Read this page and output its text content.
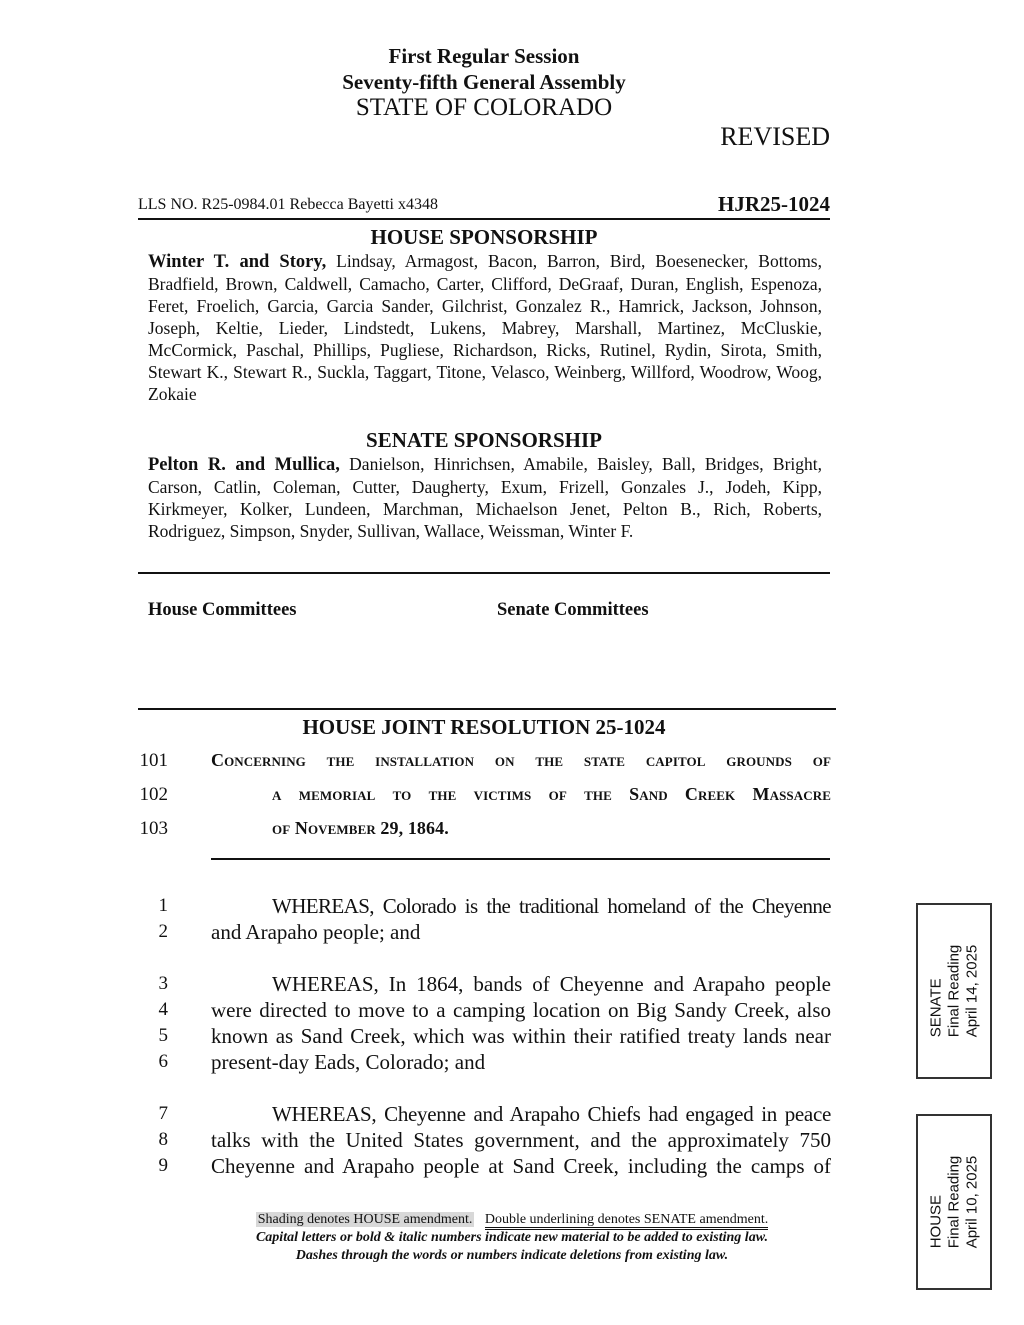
First Regular Session
Seventy-fifth General Assembly
STATE OF COLORADO
REVISED
LLS NO. R25-0984.01 Rebecca Bayetti x4348	HJR25-1024
HOUSE SPONSORSHIP
Winter T. and Story, Lindsay, Armagost, Bacon, Barron, Bird, Boesenecker, Bottoms, Bradfield, Brown, Caldwell, Camacho, Carter, Clifford, DeGraaf, Duran, English, Espenoza, Feret, Froelich, Garcia, Garcia Sander, Gilchrist, Gonzalez R., Hamrick, Jackson, Johnson, Joseph, Keltie, Lieder, Lindstedt, Lukens, Mabrey, Marshall, Martinez, McCluskie, McCormick, Paschal, Phillips, Pugliese, Richardson, Ricks, Rutinel, Rydin, Sirota, Smith, Stewart K., Stewart R., Suckla, Taggart, Titone, Velasco, Weinberg, Willford, Woodrow, Woog, Zokaie
SENATE SPONSORSHIP
Pelton R. and Mullica, Danielson, Hinrichsen, Amabile, Baisley, Ball, Bridges, Bright, Carson, Catlin, Coleman, Cutter, Daugherty, Exum, Frizell, Gonzales J., Jodeh, Kipp, Kirkmeyer, Kolker, Lundeen, Marchman, Michaelson Jenet, Pelton B., Rich, Roberts, Rodriguez, Simpson, Snyder, Sullivan, Wallace, Weissman, Winter F.
House Committees	Senate Committees
HOUSE JOINT RESOLUTION 25-1024
101 Concerning the installation on the state capitol grounds of
102	a memorial to the victims of the Sand Creek Massacre
103	of November 29, 1864.
1	WHEREAS, Colorado is the traditional homeland of the Cheyenne
2 and Arapaho people; and
3	WHEREAS, In 1864, bands of Cheyenne and Arapaho people
4 were directed to move to a camping location on Big Sandy Creek, also
5 known as Sand Creek, which was within their ratified treaty lands near
6 present-day Eads, Colorado; and
7	WHEREAS, Cheyenne and Arapaho Chiefs had engaged in peace
8 talks with the United States government, and the approximately 750
9 Cheyenne and Arapaho people at Sand Creek, including the camps of
SENATE Final Reading April 14, 2025
HOUSE Final Reading April 10, 2025
Shading denotes HOUSE amendment. Double underlining denotes SENATE amendment.
Capital letters or bold & italic numbers indicate new material to be added to existing law.
Dashes through the words or numbers indicate deletions from existing law.
